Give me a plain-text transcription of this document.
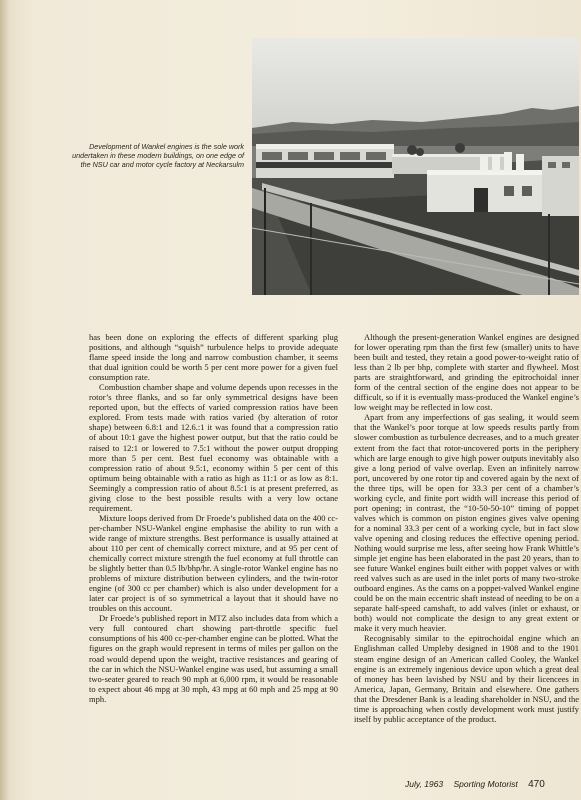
Development of Wankel engines is the sole work undertaken in these modern buildings, on one edge of the NSU car and motor cycle factory at Neckarsulm

has been done on exploring the effects of different sparking plug positions, and although “squish” turbulence helps to provide adequate flame speed inside the long and narrow combustion chamber, it seems that dual ignition could be worth 5 per cent more power for a given fuel consumption rate.

Combustion chamber shape and volume depends upon recesses in the rotor’s three flanks, and so far only symmetrical designs have been reported upon, but the effects of varied compression ratios have been explored. From tests made with ratios varied (by alteration of rotor shape) between 6.8:1 and 12.6.:1 it was found that a compression ratio of about 10:1 gave the highest power output, but that the ratio could be raised to 12:1 or lowered to 7.5:1 without the power output dropping more than 5 per cent. Best fuel economy was obtainable with a compression ratio of about 9.5:1, economy within 5 per cent of this optimum being obtainable with a ratio as high as 11:1 or as low as 8:1. Seemingly a compression ratio of about 8.5:1 is at present preferred, as giving close to the best possible results with a very low octane requirement.

Mixture loops derived from Dr Froede’s published data on the 400 cc-per-chamber NSU-Wankel engine emphasise the ability to run with a wide range of mixture strengths. Best performance is usually attained at about 110 per cent of chemically correct mixture, and at 95 per cent of chemically correct mixture strength the fuel economy at full throttle can be slightly better than 0.5 lb/bhp/hr. A single-rotor Wankel engine has no problems of mixture distribution between cylinders, and the twin-rotor engine (of 300 cc per chamber) which is also under development for a later car project is of so symmetrical a layout that it should have no troubles on this account.

Dr Froede’s published report in MTZ also includes data from which a very full contoured chart showing part-throttle specific fuel consumptions of his 400 cc-per-chamber engine can be plotted. What the figures on the graph would represent in terms of miles per gallon on the road would depend upon the weight, tractive resistances and gearing of the car in which the NSU-Wankel engine was used, but assuming a small two-seater geared to reach 90 mph at 6,000 rpm, it would be reasonable to expect about 46 mpg at 30 mph, 43 mpg at 60 mph and 25 mpg at 90 mph.

Although the present-generation Wankel engines are designed for lower operating rpm than the first few (smaller) units to have been built and tested, they retain a good power-to-weight ratio of less than 2 lb per bhp, complete with starter and flywheel. Most parts are straightforward, and grinding the epitrochoidal inner form of the central section of the engine does not appear to be difficult, so if it is eventually mass-produced the Wankel engine’s low weight may be reflected in low cost.

Apart from any imperfections of gas sealing, it would seem that the Wankel’s poor torque at low speeds results partly from slower combustion as turbulence decreases, and to a much greater extent from the fact that rotor-uncovered ports in the periphery which are large enough to give high power outputs inevitably also give a long period of valve overlap. Even an infinitely narrow port, uncovered by one rotor tip and covered again by the next of the three tips, will be open for 33.3 per cent of a chamber’s working cycle, and finite port width will increase this period of port opening; in contrast, the “10-50-50-10” timing of poppet valves which is common on piston engines gives valve opening for a nominal 33.3 per cent of a working cycle, but in fact slow valve opening and closing reduces the effective opening period. Nothing would surprise me less, after seeing how Frank Whittle’s simple jet engine has been elaborated in the past 20 years, than to see future Wankel engines built either with poppet valves or with reed valves such as are used in the inlet ports of many two-stroke outboard engines. As the cams on a poppet-valved Wankel engine could be on the main eccentric shaft instead of needing to be on a separate half-speed camshaft, to add valves (inlet or exhaust, or both) would not complicate the design to any great extent or make it very much heavier.

Recognisably similar to the epitrochoidal engine which an Englishman called Umpleby designed in 1908 and to the 1901 steam engine design of an American called Cooley, the Wankel engine is an extremely ingenious device upon which a great deal of money has been lavished by NSU and by their licencees in America, Japan, Germany, Britain and elsewhere. One gathers that the Dresdener Bank is a leading shareholder in NSU, and the time is approaching when costly development work must justify itself by public acceptance of the product.

July, 1963 Sporting Motorist 470
